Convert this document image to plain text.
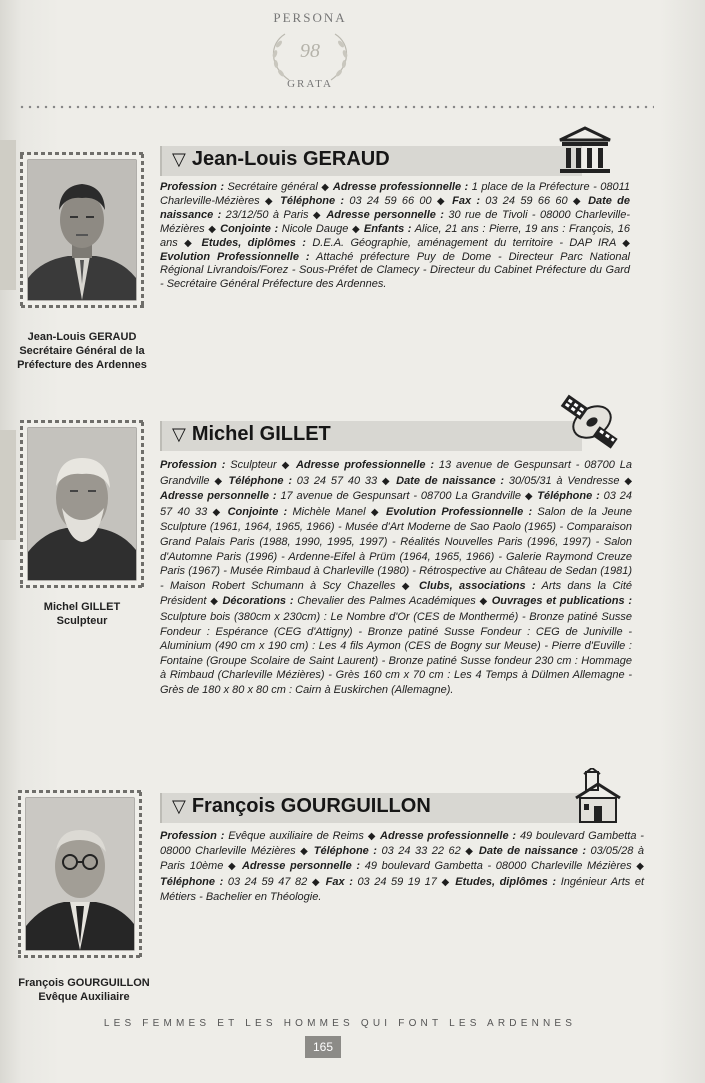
PERSONA
98
GRATA
Jean-Louis GERAUD
Secrétaire Général de la
Préfecture des Ardennes
▽ Jean-Louis GERAUD
Profession : Secrétaire général ◆ Adresse professionnelle : 1 place de la Préfecture - 08011 Charleville-Mézières ◆ Téléphone : 03 24 59 66 00 ◆ Fax : 03 24 59 66 60 ◆ Date de naissance : 23/12/50 à Paris ◆ Adresse personnelle : 30 rue de Tivoli - 08000 Charleville-Mézières ◆ Conjointe : Nicole Dauge ◆ Enfants : Alice, 21 ans : Pierre, 19 ans : François, 16 ans ◆ Etudes, diplômes : D.E.A. Géographie, aménagement du territoire - DAP IRA ◆ Evolution Professionnelle : Attaché préfecture Puy de Dome - Directeur Parc National Régional Livrandois/Forez - Sous-Préfet de Clamecy - Directeur du Cabinet Préfecture du Gard - Secrétaire Général Préfecture des Ardennes.
Michel GILLET
Sculpteur
▽ Michel GILLET
Profession : Sculpteur ◆ Adresse professionnelle : 13 avenue de Gespunsart - 08700 La Grandville ◆ Téléphone : 03 24 57 40 33 ◆ Date de naissance : 30/05/31 à Vendresse ◆ Adresse personnelle : 17 avenue de Gespunsart - 08700 La Grandville ◆ Téléphone : 03 24 57 40 33 ◆ Conjointe : Michèle Manel ◆ Evolution Professionnelle : Salon de la Jeune Sculpture (1961, 1964, 1965, 1966) - Musée d'Art Moderne de Sao Paolo (1965) - Comparaison Grand Palais Paris (1988, 1990, 1995, 1997) - Réalités Nouvelles Paris (1996, 1997) - Salon d'Automne Paris (1996) - Ardenne-Eifel à Prüm (1964, 1965, 1966) - Galerie Raymond Creuze Paris (1967) - Musée Rimbaud à Charleville (1980) - Rétrospective au Château de Sedan (1981) - Maison Robert Schumann à Scy Chazelles ◆ Clubs, associations : Arts dans la Cité Président ◆ Décorations : Chevalier des Palmes Académiques ◆ Ouvrages et publications : Sculpture bois (380cm x 230cm) : Le Nombre d'Or (CES de Monthermé) - Bronze patiné Susse Fondeur : Espérance (CEG d'Attigny) - Bronze patiné Susse Fondeur : CEG de Juniville - Aluminium (490 cm x 190 cm) : Les 4 fils Aymon (CES de Bogny sur Meuse) - Pierre d'Euville : Fontaine (Groupe Scolaire de Saint Laurent) - Bronze patiné Susse fondeur 230 cm : Hommage à Rimbaud (Charleville Mézières) - Grès 160 cm x 70 cm : Les 4 Temps à Dülmen Allemagne - Grès de 180 x 80 x 80 cm : Cairn à Euskirchen (Allemagne).
François GOURGUILLON
Evêque Auxiliaire
▽ François GOURGUILLON
Profession : Evêque auxiliaire de Reims ◆ Adresse professionnelle : 49 boulevard Gambetta - 08000 Charleville Mézières ◆ Téléphone : 03 24 33 22 62 ◆ Date de naissance : 03/05/28 à Paris 10ème ◆ Adresse personnelle : 49 boulevard Gambetta - 08000 Charleville Mézières ◆ Téléphone : 03 24 59 47 82 ◆ Fax : 03 24 59 19 17 ◆ Etudes, diplômes : Ingénieur Arts et Métiers - Bachelier en Théologie.
LES FEMMES ET LES HOMMES QUI FONT LES ARDENNES
165
